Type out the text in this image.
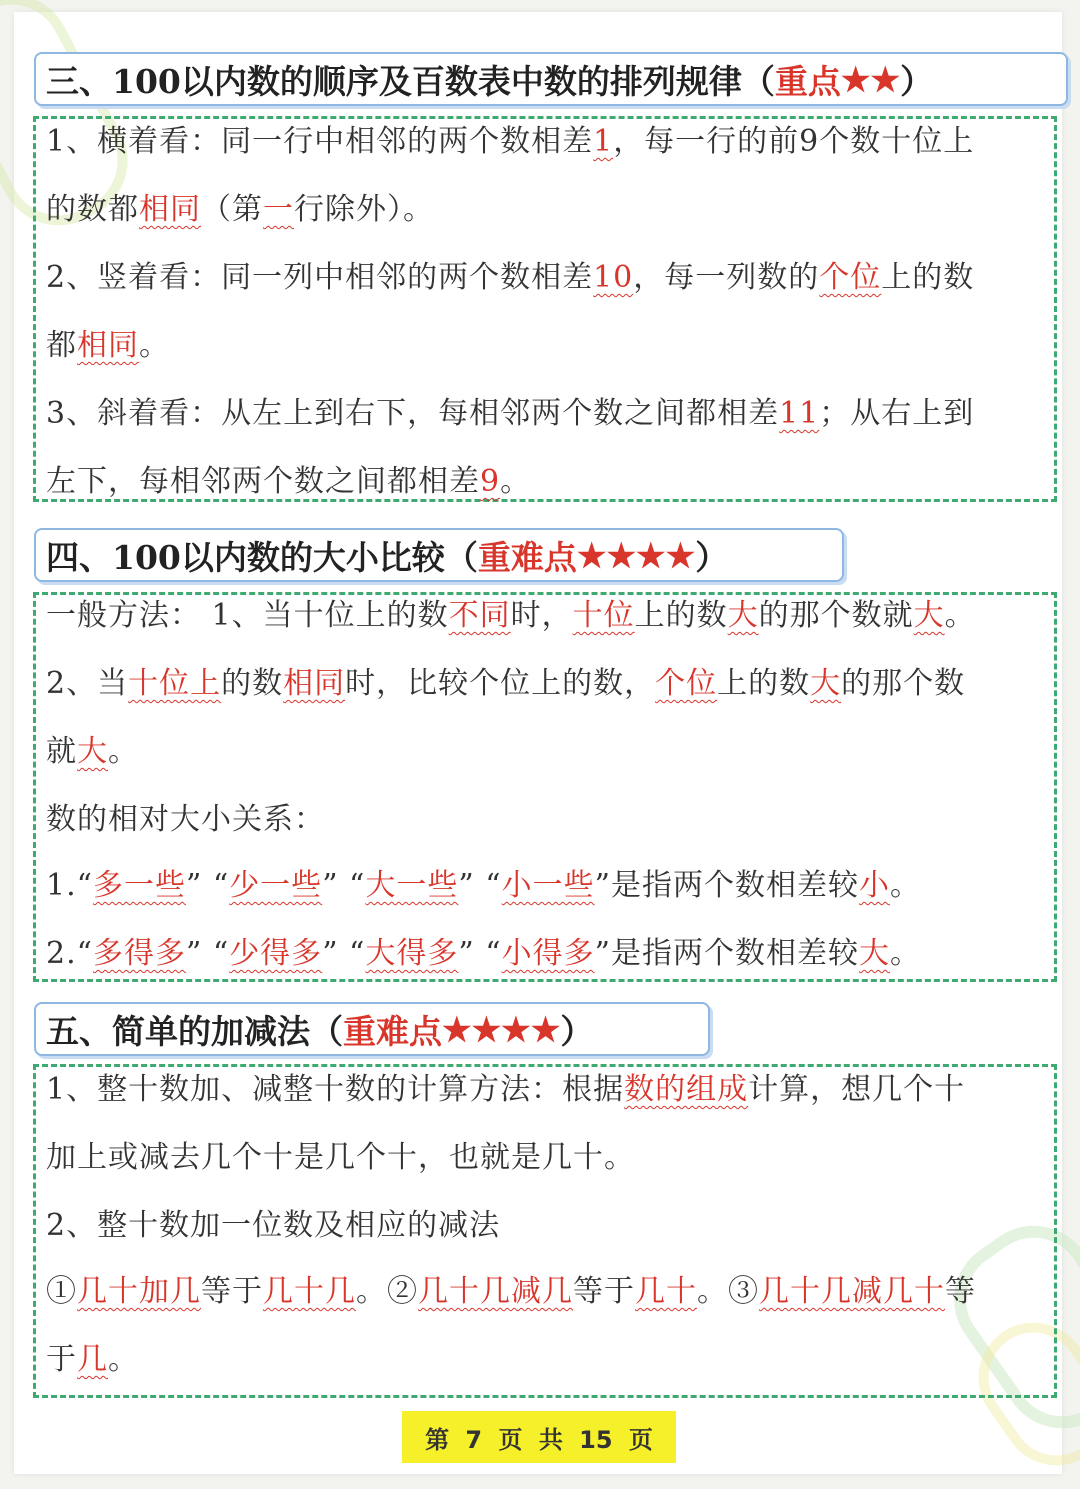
三、100以内数的顺序及百数表中数的排列规律（ 重点 ★★ ）
1、横着看：同一行中相邻的两个数相差1，每一行的前9个数十位上
的数都相同（第一行除外）。
2、竖着看：同一列中相邻的两个数相差10，每一列数的个位上的数
都相同。
3、斜着看：从左上到右下，每相邻两个数之间都相差11；从右上到
左下，每相邻两个数之间都相差9。
四、100以内数的大小比较（ 重难点 ★★★★ ）
一般方法： 1、当十位上的数不同时，十位上的数大的那个数就大。
2、当十位上的数相同时，比较个位上的数，个位上的数大的那个数
就大。
数的相对大小关系：
1.“多一些” “少一些” “大一些” “小一些”是指两个数相差较小。
2.“多得多” “少得多” “大得多” “小得多”是指两个数相差较大。
五、简单的加减法（ 重难点 ★★★★ ）
1、整十数加、减整十数的计算方法：根据数的组成计算，想几个十
加上或减去几个十是几个十，也就是几十。
2、整十数加一位数及相应的减法
①几十加几等于几十几。②几十几减几等于几十。③几十几减几十等
于几。
第 7 页 共 15 页
